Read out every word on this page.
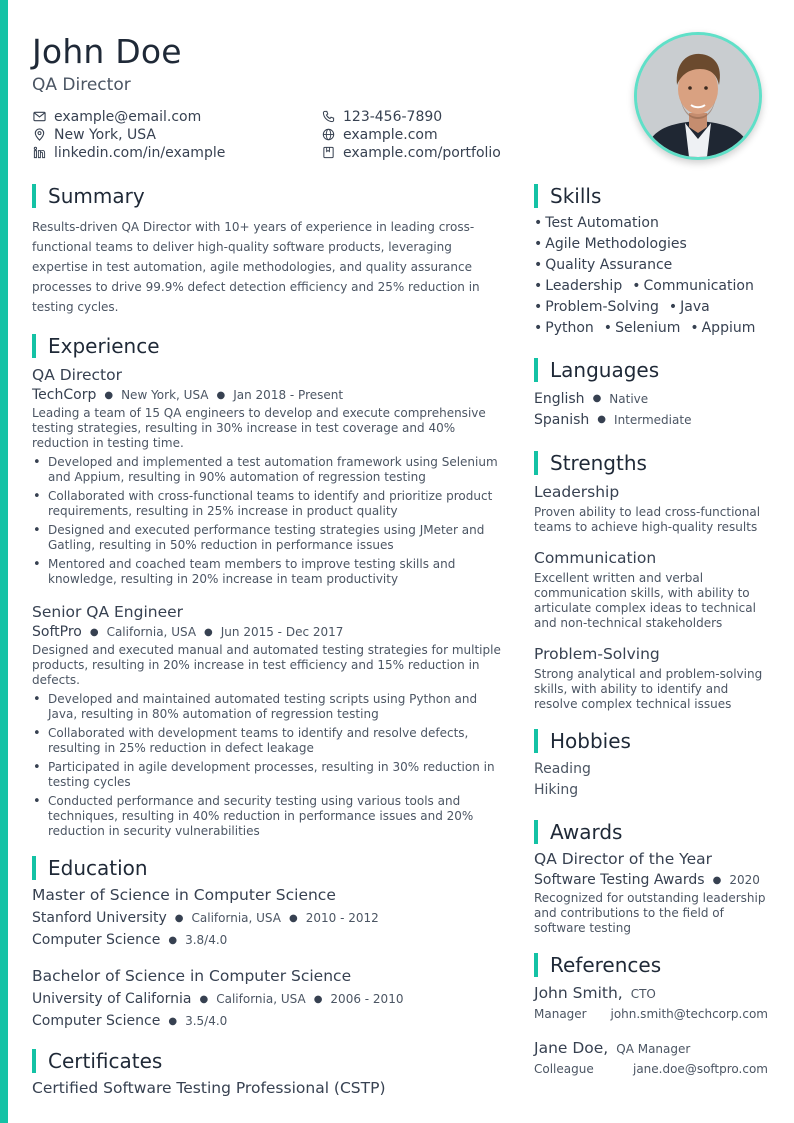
John Doe
QA Director
example@email.com	123-456-7890
New York, USA	example.com
linkedin.com/in/example	example.com/portfolio
Summary

Results-driven QA Director with 10+ years of experience in leading cross-functional teams to deliver high-quality software products, leveraging expertise in test automation, agile methodologies, and quality assurance processes to drive 99.9% defect detection efficiency and 25% reduction in testing cycles.

Experience
QA Director
TechCorp ● New York, USA ● Jan 2018 - Present

Leading a team of 15 QA engineers to develop and execute comprehensive testing strategies, resulting in 30% increase in test coverage and 40% reduction in testing time.

• Developed and implemented a test automation framework using Selenium and Appium, resulting in 90% automation of regression testing
• Collaborated with cross-functional teams to identify and prioritize product requirements, resulting in 25% increase in product quality
• Designed and executed performance testing strategies using JMeter and Gatling, resulting in 50% reduction in performance issues
• Mentored and coached team members to improve testing skills and knowledge, resulting in 20% increase in team productivity
Senior QA Engineer
SoftPro ● California, USA ● Jun 2015 - Dec 2017

Designed and executed manual and automated testing strategies for multiple products, resulting in 20% increase in test efficiency and 15% reduction in defects.

• Developed and maintained automated testing scripts using Python and Java, resulting in 80% automation of regression testing
• Collaborated with development teams to identify and resolve defects, resulting in 25% reduction in defect leakage
• Participated in agile development processes, resulting in 30% reduction in testing cycles
• Conducted performance and security testing using various tools and techniques, resulting in 40% reduction in performance issues and 20% reduction in security vulnerabilities
Education
Master of Science in Computer Science
Stanford University ● California, USA ● 2010 - 2012
Computer Science ● 3.8/4.0
Bachelor of Science in Computer Science
University of California ● California, USA ● 2006 - 2010
Computer Science ● 3.5/4.0
Certificates
Certified Software Testing Professional (CSTP)
Skills
• Test Automation
• Agile Methodologies
• Quality Assurance
• Leadership • Communication
• Problem-Solving • Java
• Python • Selenium • Appium
Languages
English ● Native
Spanish ● Intermediate
Strengths
Leadership

Proven ability to lead cross-functional teams to achieve high-quality results

Communication

Excellent written and verbal communication skills, with ability to articulate complex ideas to technical and non-technical stakeholders

Problem-Solving

Strong analytical and problem-solving skills, with ability to identify and resolve complex technical issues

Hobbies
Reading
Hiking
Awards
QA Director of the Year
Software Testing Awards ● 2020

Recognized for outstanding leadership and contributions to the field of software testing

References
John Smith, CTO
Manager john.smith@techcorp.com
Jane Doe, QA Manager
Colleague	jane.doe@softpro.com
